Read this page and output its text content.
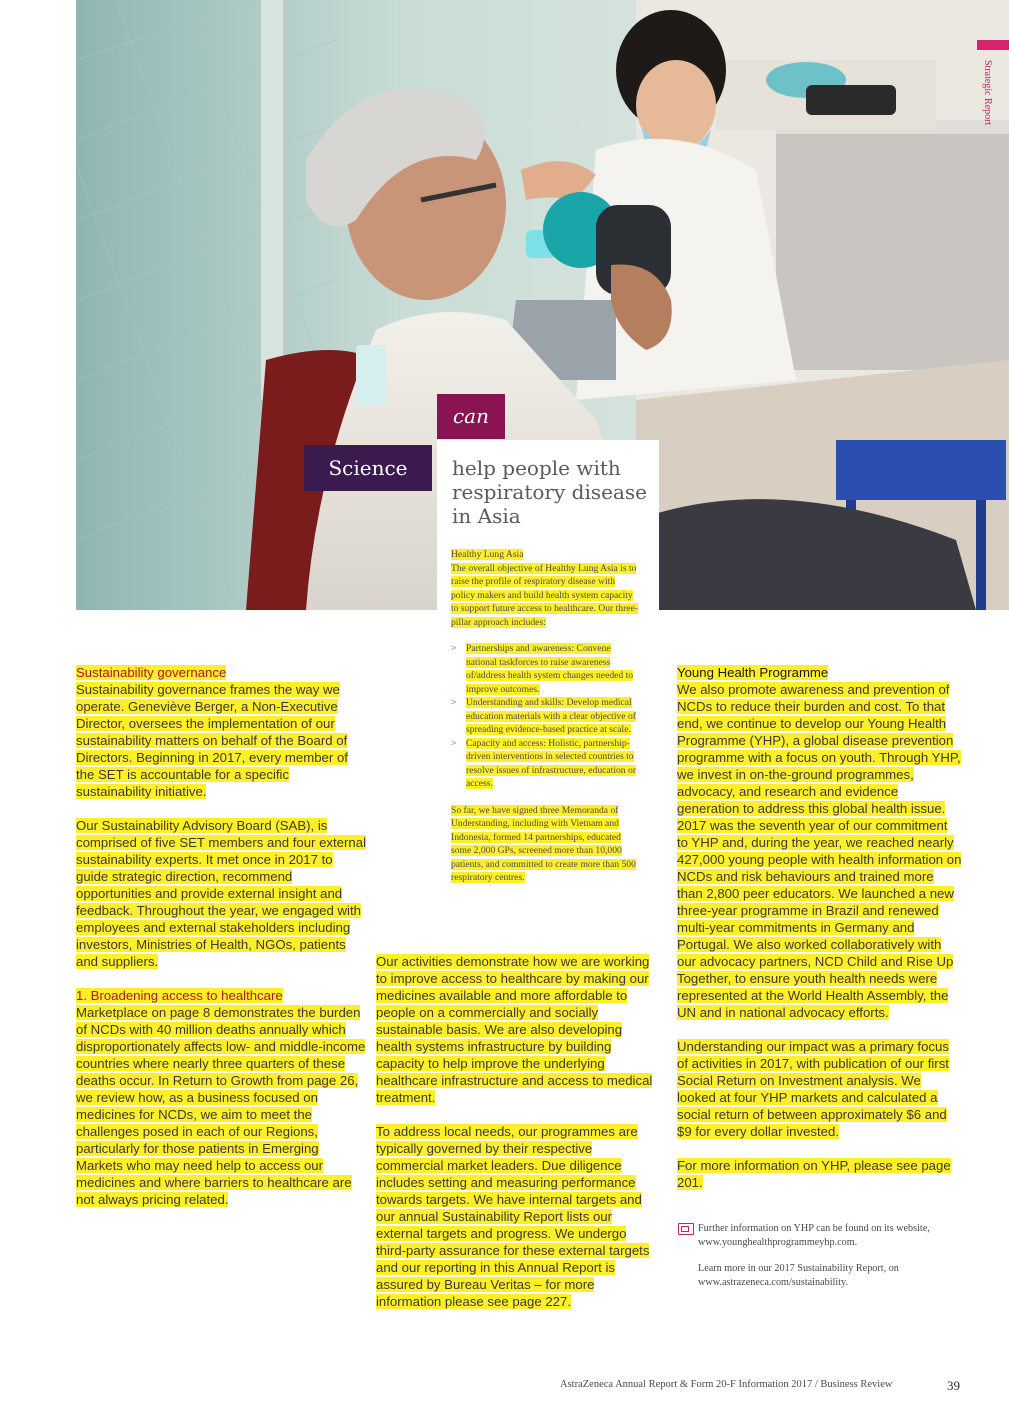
Strategic Report
can
Science	help people with respiratory disease in Asia
Healthy Lung Asia
The overall objective of Healthy Lung Asia is to raise the profile of respiratory disease with policy makers and build health system capacity to support future access to healthcare. Our three-pillar approach includes:
> Partnerships and awareness: Convene national taskforces to raise awareness of/address health system changes needed to improve outcomes.
> Understanding and skills: Develop medical education materials with a clear objective of spreading evidence-based practice at scale.
> Capacity and access: Holistic, partnership-driven interventions in selected countries to resolve issues of infrastructure, education or access.
So far, we have signed three Memoranda of Understanding, including with Vietnam and Indonesia, formed 14 partnerships, educated some 2,000 GPs, screened more than 10,000 patients, and committed to create more than 500 respiratory centres.
Sustainability governance

Sustainability governance frames the way we operate. Geneviève Berger, a Non-Executive Director, oversees the implementation of our sustainability matters on behalf of the Board of Directors. Beginning in 2017, every member of the SET is accountable for a specific sustainability initiative.

Our Sustainability Advisory Board (SAB), is comprised of five SET members and four external sustainability experts. It met once in 2017 to guide strategic direction, recommend opportunities and provide external insight and feedback. Throughout the year, we engaged with employees and external stakeholders including investors, Ministries of Health, NGOs, patients and suppliers.

1. Broadening access to healthcare

Marketplace on page 8 demonstrates the burden of NCDs with 40 million deaths annually which disproportionately affects low- and middle-income countries where nearly three quarters of these deaths occur. In Return to Growth from page 26, we review how, as a business focused on medicines for NCDs, we aim to meet the challenges posed in each of our Regions, particularly for those patients in Emerging Markets who may need help to access our medicines and where barriers to healthcare are not always pricing related.

Our activities demonstrate how we are working to improve access to healthcare by making our medicines available and more affordable to people on a commercially and socially sustainable basis. We are also developing health systems infrastructure by building capacity to help improve the underlying healthcare infrastructure and access to medical treatment.

To address local needs, our programmes are typically governed by their respective commercial market leaders. Due diligence includes setting and measuring performance towards targets. We have internal targets and our annual Sustainability Report lists our external targets and progress. We undergo third-party assurance for these external targets and our reporting in this Annual Report is assured by Bureau Veritas – for more information please see page 227.

Young Health Programme

We also promote awareness and prevention of NCDs to reduce their burden and cost. To that end, we continue to develop our Young Health Programme (YHP), a global disease prevention programme with a focus on youth. Through YHP, we invest in on-the-ground programmes, advocacy, and research and evidence generation to address this global health issue. 2017 was the seventh year of our commitment to YHP and, during the year, we reached nearly 427,000 young people with health information on NCDs and risk behaviours and trained more than 2,800 peer educators. We launched a new three-year programme in Brazil and renewed multi-year commitments in Germany and Portugal. We also worked collaboratively with our advocacy partners, NCD Child and Rise Up Together, to ensure youth health needs were represented at the World Health Assembly, the UN and in national advocacy efforts.

Understanding our impact was a primary focus of activities in 2017, with publication of our first Social Return on Investment analysis. We looked at four YHP markets and calculated a social return of between approximately $6 and $9 for every dollar invested.

For more information on YHP, please see page 201.

Further information on YHP can be found on its website, www.younghealthprogrammeyhp.com.
Learn more in our 2017 Sustainability Report, on www.astrazeneca.com/sustainability.
AstraZeneca Annual Report & Form 20-F Information 2017 / Business Review	39
